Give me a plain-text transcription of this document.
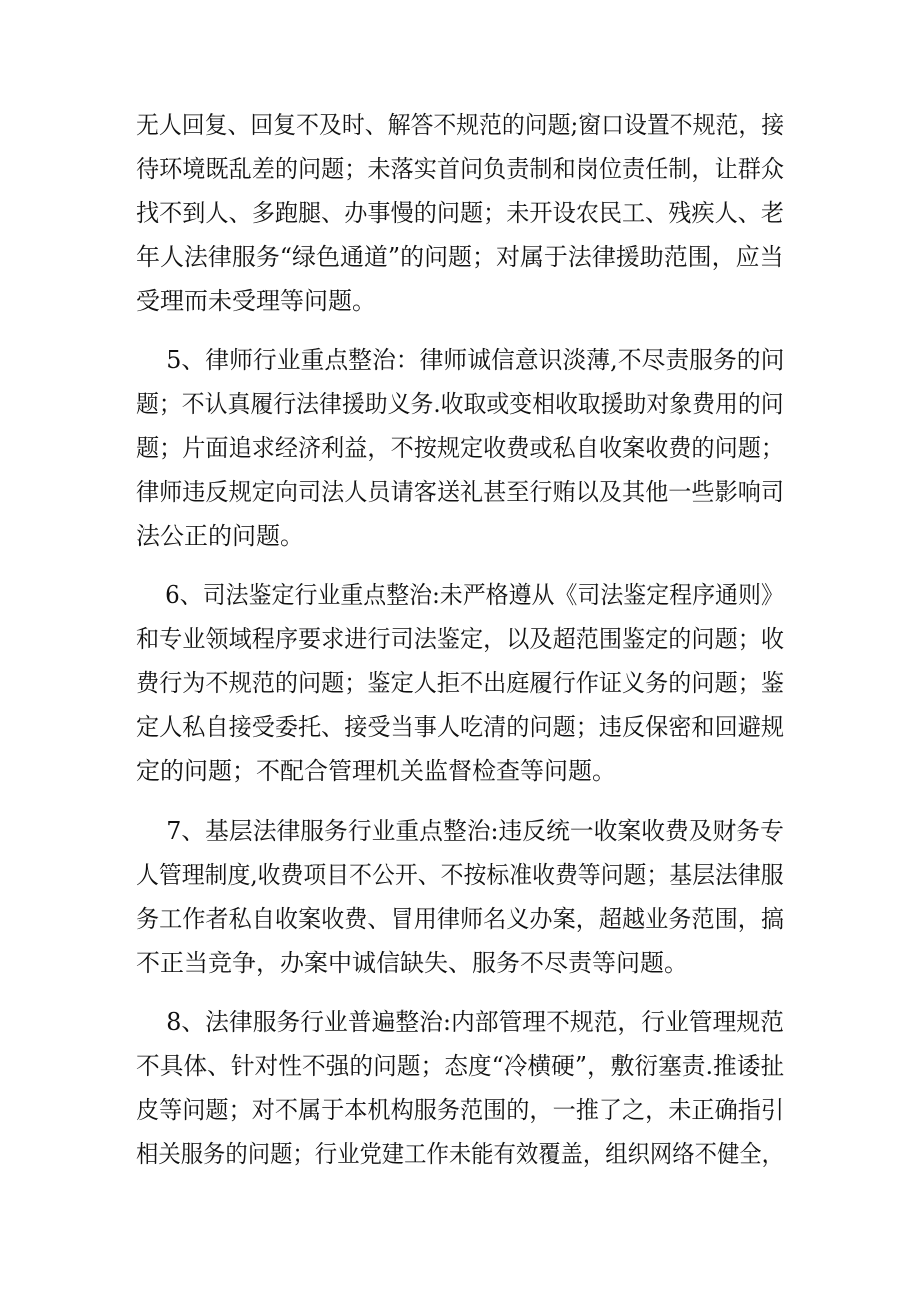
无人回复、回复不及时、解答不规范的问题;窗口设置不规范，接
待环境既乱差的问题；未落实首问负责制和岗位责任制，让群众
找不到人、多跑腿、办事慢的问题；未开设农民工、残疾人、老
年人法律服务“绿色通道”的问题；对属于法律援助范围，应当
受理而未受理等问题。
5、律师行业重点整治：律师诚信意识淡薄,不尽责服务的问
题；不认真履行法律援助义务.收取或变相收取援助对象费用的问
题；片面追求经济利益，不按规定收费或私自收案收费的问题；
律师违反规定向司法人员请客送礼甚至行贿以及其他一些影响司
法公正的问题。
6、司法鉴定行业重点整治:未严格遵从《司法鉴定程序通则》
和专业领域程序要求进行司法鉴定，以及超范围鉴定的问题；收
费行为不规范的问题；鉴定人拒不出庭履行作证义务的问题；鉴
定人私自接受委托、接受当事人吃清的问题；违反保密和回避规
定的问题；不配合管理机关监督检查等问题。
7、基层法律服务行业重点整治:违反统一收案收费及财务专
人管理制度,收费项目不公开、不按标准收费等问题；基层法律服
务工作者私自收案收费、冒用律师名义办案，超越业务范围，搞
不正当竞争，办案中诚信缺失、服务不尽责等问题。
8、法律服务行业普遍整治:内部管理不规范，行业管理规范
不具体、针对性不强的问题；态度“冷横硬”，敷衍塞责.推诿扯
皮等问题；对不属于本机构服务范围的，一推了之，未正确指引
相关服务的问题；行业党建工作未能有效覆盖，组织网络不健全，
